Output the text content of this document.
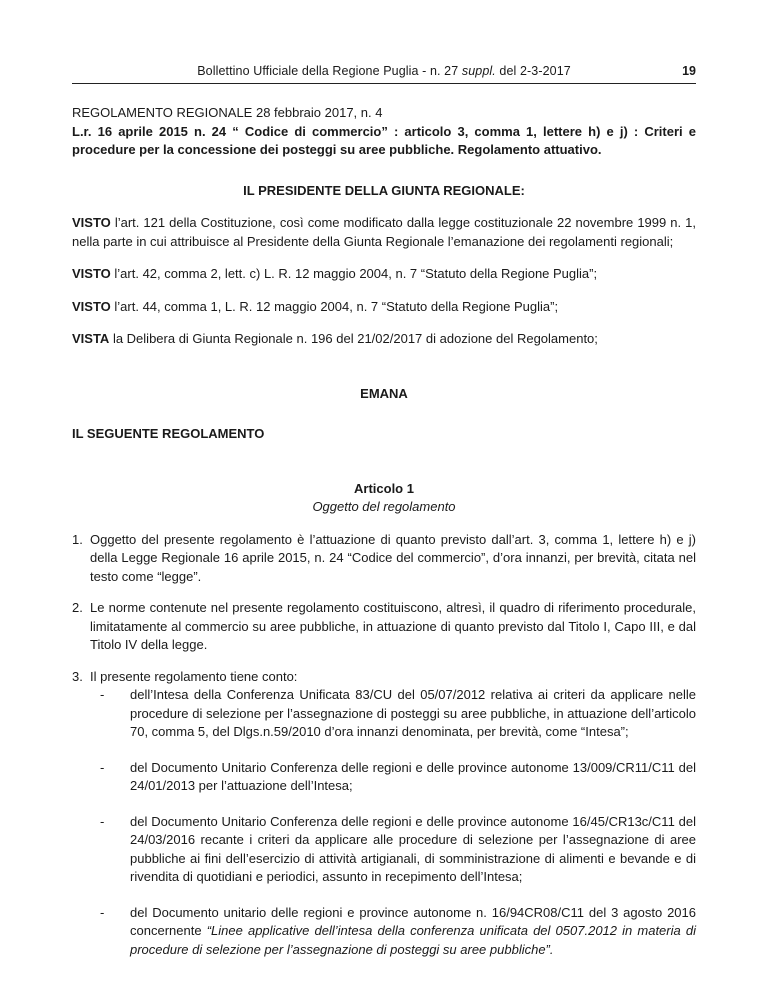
Bollettino Ufficiale della Regione Puglia - n. 27 suppl. del 2-3-2017	19

REGOLAMENTO REGIONALE 28 febbraio 2017, n. 4

L.r. 16 aprile 2015 n. 24 “ Codice di commercio” : articolo 3, comma 1, lettere h) e j) : Criteri e procedure per la concessione dei posteggi su aree pubbliche. Regolamento attuativo.

IL PRESIDENTE DELLA GIUNTA REGIONALE:

VISTO l’art. 121 della Costituzione, così come modificato dalla legge costituzionale 22 novembre 1999 n. 1, nella parte in cui attribuisce al Presidente della Giunta Regionale l’emanazione dei regolamenti regionali;

VISTO l’art. 42, comma 2, lett. c) L. R. 12 maggio 2004, n. 7 “Statuto della Regione Puglia”;

VISTO l’art. 44, comma 1, L. R. 12 maggio 2004, n. 7 “Statuto della Regione Puglia”;

VISTA la Delibera di Giunta Regionale n. 196 del 21/02/2017 di adozione del Regolamento;

EMANA

IL SEGUENTE REGOLAMENTO

Articolo 1

Oggetto del regolamento

1. Oggetto del presente regolamento è l’attuazione di quanto previsto dall’art. 3, comma 1, lettere h) e j) della Legge Regionale 16 aprile 2015, n. 24 “Codice del commercio”, d’ora innanzi, per brevità, citata nel testo come “legge”.
2. Le norme contenute nel presente regolamento costituiscono, altresì, il quadro di riferimento procedurale, limitatamente al commercio su aree pubbliche, in attuazione di quanto previsto dal Titolo I, Capo III, e dal Titolo IV della legge.
3. Il presente regolamento tiene conto:
- dell’Intesa della Conferenza Unificata 83/CU del 05/07/2012 relativa ai criteri da applicare nelle procedure di selezione per l’assegnazione di posteggi su aree pubbliche, in attuazione dell’articolo 70, comma 5, del Dlgs.n.59/2010 d’ora innanzi denominata, per brevità, come “Intesa”;
- del Documento Unitario Conferenza delle regioni e delle province autonome 13/009/CR11/C11 del 24/01/2013 per l’attuazione dell’Intesa;
- del Documento Unitario Conferenza delle regioni e delle province autonome 16/45/CR13c/C11 del 24/03/2016 recante i criteri da applicare alle procedure di selezione per l’assegnazione di aree pubbliche ai fini dell’esercizio di attività artigianali, di somministrazione di alimenti e bevande e di rivendita di quotidiani e periodici, assunto in recepimento dell’Intesa;
- del Documento unitario delle regioni e province autonome n. 16/94CR08/C11 del 3 agosto 2016 concernente “Linee applicative dell’intesa della conferenza unificata del 0507.2012 in materia di procedure di selezione per l’assegnazione di posteggi su aree pubbliche”.
